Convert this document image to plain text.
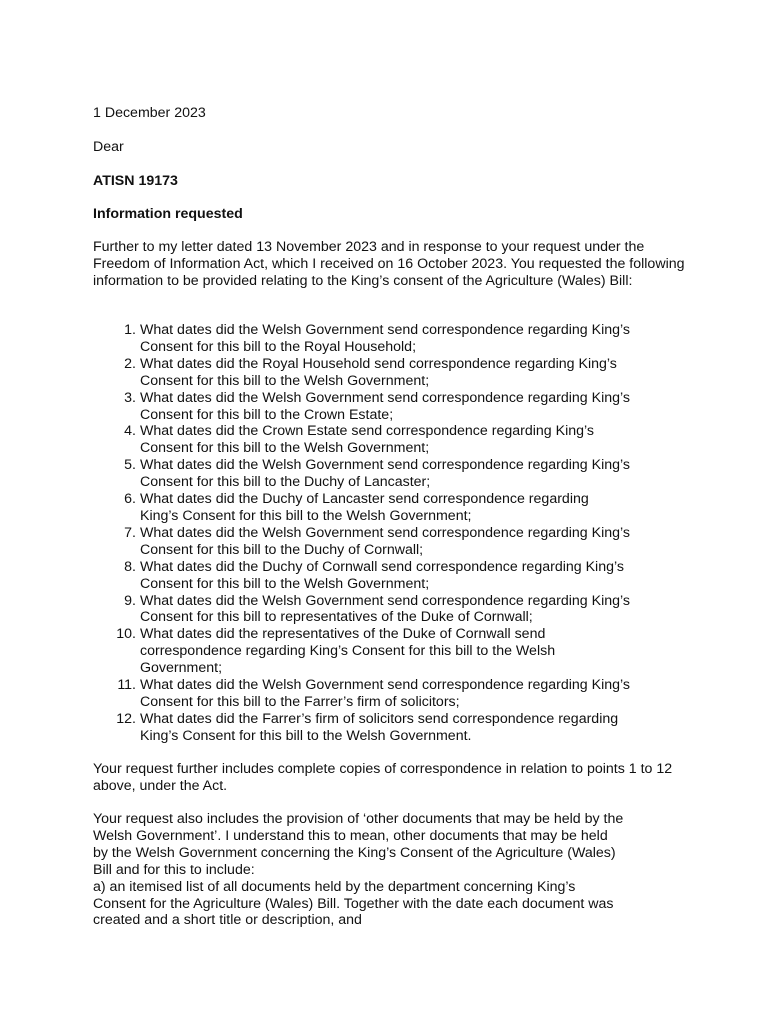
1 December 2023

Dear

ATISN 19173

Information requested

Further to my letter dated 13 November 2023 and in response to your request under the Freedom of Information Act, which I received on 16 October 2023. You requested the following information to be provided relating to the King’s consent of the Agriculture (Wales) Bill:

1. What dates did the Welsh Government send correspondence regarding King’s
Consent for this bill to the Royal Household;
2. What dates did the Royal Household send correspondence regarding King’s
Consent for this bill to the Welsh Government;
3. What dates did the Welsh Government send correspondence regarding King’s
Consent for this bill to the Crown Estate;
4. What dates did the Crown Estate send correspondence regarding King’s
Consent for this bill to the Welsh Government;
5. What dates did the Welsh Government send correspondence regarding King’s
Consent for this bill to the Duchy of Lancaster;
6. What dates did the Duchy of Lancaster send correspondence regarding
King’s Consent for this bill to the Welsh Government;
7. What dates did the Welsh Government send correspondence regarding King’s
Consent for this bill to the Duchy of Cornwall;
8. What dates did the Duchy of Cornwall send correspondence regarding King’s
Consent for this bill to the Welsh Government;
9. What dates did the Welsh Government send correspondence regarding King’s
Consent for this bill to representatives of the Duke of Cornwall;
10. What dates did the representatives of the Duke of Cornwall send
correspondence regarding King’s Consent for this bill to the Welsh
Government;
11. What dates did the Welsh Government send correspondence regarding King’s
Consent for this bill to the Farrer’s firm of solicitors;
12. What dates did the Farrer’s firm of solicitors send correspondence regarding
King’s Consent for this bill to the Welsh Government.

Your request further includes complete copies of correspondence in relation to points 1 to 12 above, under the Act.

Your request also includes the provision of ‘other documents that may be held by the
Welsh Government’. I understand this to mean, other documents that may be held
by the Welsh Government concerning the King’s Consent of the Agriculture (Wales)
Bill and for this to include:
a) an itemised list of all documents held by the department concerning King’s
Consent for the Agriculture (Wales) Bill. Together with the date each document was
created and a short title or description, and
